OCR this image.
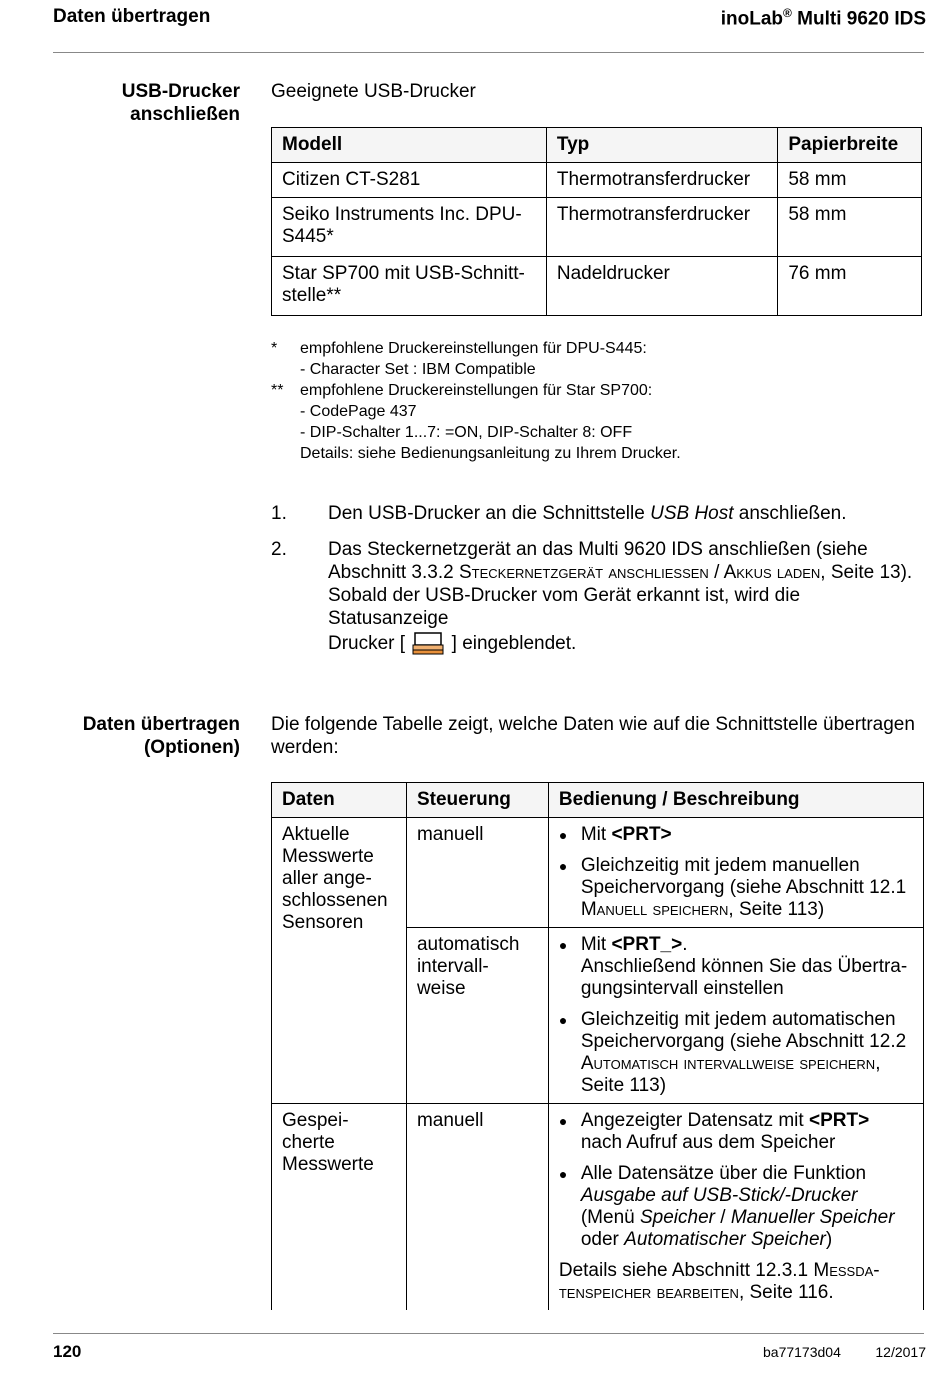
Daten übertragen	inoLab® Multi 9620 IDS
USB-Drucker
anschließen
Geeignete USB-Drucker
Modell	Typ	Papierbreite
Citizen CT-S281	Thermotransferdrucker	58 mm

Seiko Instruments Inc. DPU-S445*	Thermotransferdrucker	58 mm

Star SP700 mit USB-Schnitt-stelle**	Nadeldrucker	76 mm
*	empfohlene Druckereinstellungen für DPU-S445:
- Character Set : IBM Compatible
**	empfohlene Druckereinstellungen für Star SP700:
- CodePage 437
- DIP-Schalter 1...7: =ON, DIP-Schalter 8: OFF
Details: siehe Bedienungsanleitung zu Ihrem Drucker.
1.	Den USB-Drucker an die Schnittstelle USB Host anschließen.
2.	Das Steckernetzgerät an das Multi 9620 IDS anschließen (siehe Abschnitt 3.3.2 Steckernetzgerät anschließen / Akkus laden, Seite 13).
Sobald der USB-Drucker vom Gerät erkannt ist, wird die Statusanzeige
Drucker [ ] eingeblendet.
Daten übertragen
(Optionen)
Die folgende Tabelle zeigt, welche Daten wie auf die Schnittstelle übertragen werden:
Daten	Steuerung	Bedienung / Beschreibung
Aktuelle Messwerte aller ange-schlossenen Sensoren	manuell	● Mit <PRT>
● Gleichzeitig mit jedem manuellen Speichervorgang (siehe Abschnitt 12.1 Manuell speichern, Seite 113)

	automatisch intervall-weise	● Mit <PRT_>.
Anschließend können Sie das Übertra-gungsintervall einstellen
● Gleichzeitig mit jedem automatischen Speichervorgang (siehe Abschnitt 12.2 Automatisch intervallweise speichern, Seite 113)

Gespei-cherte Messwerte	manuell	● Angezeigter Datensatz mit <PRT> nach Aufruf aus dem Speicher
● Alle Datensätze über die Funktion Ausgabe auf USB-Stick/-Drucker (Menü Speicher / Manueller Speicher oder Automatischer Speicher)
Details siehe Abschnitt 12.3.1 Messda-tenspeicher bearbeiten, Seite 116.
120	ba77173d04 12/2017
